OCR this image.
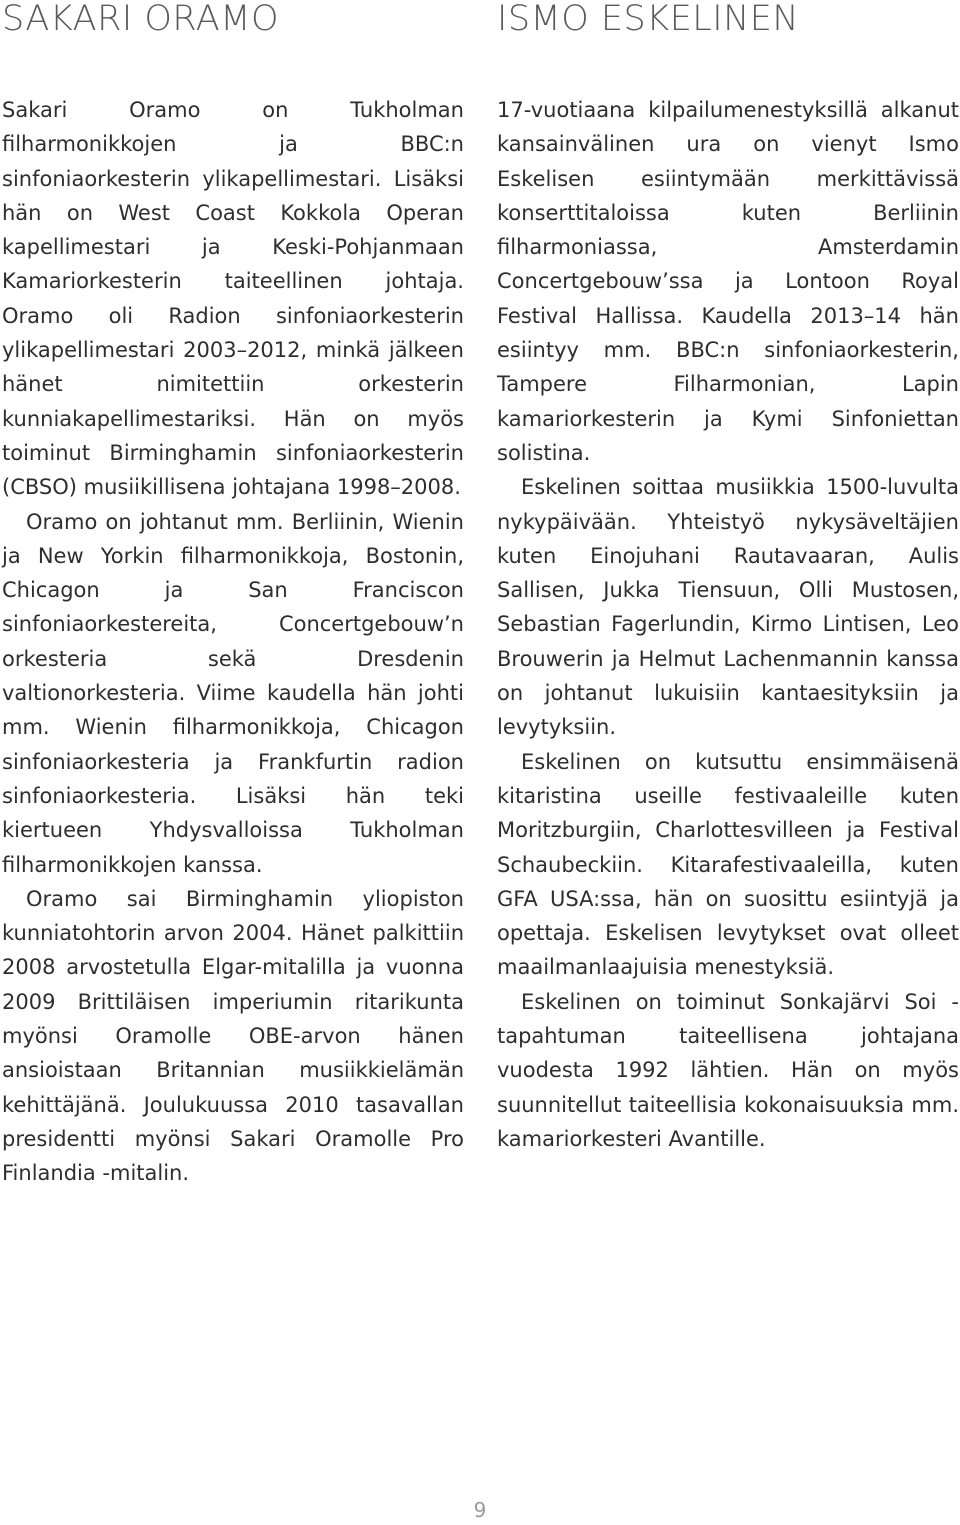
SAKARI ORAMO

Sakari Oramo on Tukholman filharmonikkojen ja BBC:n sinfoniaorkesterin ylikapellimestari. Lisäksi hän on West Coast Kokkola Operan kapellimestari ja Keski-Pohjanmaan Kamariorkesterin taiteellinen johtaja. Oramo oli Radion sinfoniaorkesterin ylikapellimestari 2003–2012, minkä jälkeen hänet nimitettiin orkesterin kunniakapellimestariksi. Hän on myös toiminut Birminghamin sinfoniaorkesterin (CBSO) musiikillisena johtajana 1998–2008.

Oramo on johtanut mm. Berliinin, Wienin ja New Yorkin filharmonikkoja, Bostonin, Chicagon ja San Franciscon sinfoniaorkestereita, Concertgebouw’n orkesteria sekä Dresdenin valtionorkesteria. Viime kaudella hän johti mm. Wienin filharmonikkoja, Chicagon sinfoniaorkesteria ja Frankfurtin radion sinfoniaorkesteria. Lisäksi hän teki kiertueen Yhdysvalloissa Tukholman filharmonikkojen kanssa.

Oramo sai Birminghamin yliopiston kunniatohtorin arvon 2004. Hänet palkittiin 2008 arvostetulla Elgar-mitalilla ja vuonna 2009 Brittiläisen imperiumin ritarikunta myönsi Oramolle OBE-arvon hänen ansioistaan Britannian musiikkielämän kehittäjänä. Joulukuussa 2010 tasavallan presidentti myönsi Sakari Oramolle Pro Finlandia -mitalin.

ISMO ESKELINEN

17-vuotiaana kilpailumenestyksillä alkanut kansainvälinen ura on vienyt Ismo Eskelisen esiintymään merkittävissä konserttitaloissa kuten Berliinin filharmoniassa, Amsterdamin Concertgebouw’ssa ja Lontoon Royal Festival Hallissa. Kaudella 2013–14 hän esiintyy mm. BBC:n sinfoniaorkesterin, Tampere Filharmonian, Lapin kamariorkesterin ja Kymi Sinfoniettan solistina.

Eskelinen soittaa musiikkia 1500-luvulta nykypäivään. Yhteistyö nykysäveltäjien kuten Einojuhani Rautavaaran, Aulis Sallisen, Jukka Tiensuun, Olli Mustosen, Sebastian Fagerlundin, Kirmo Lintisen, Leo Brouwerin ja Helmut Lachenmannin kanssa on johtanut lukuisiin kantaesityksiin ja levytyksiin.

Eskelinen on kutsuttu ensimmäisenä kitaristina useille festivaaleille kuten Moritzburgiin, Charlottesvilleen ja Festival Schaubeckiin. Kitarafestivaaleilla, kuten GFA USA:ssa, hän on suosittu esiintyjä ja opettaja. Eskelisen levytykset ovat olleet maailmanlaajuisia menestyksiä.

Eskelinen on toiminut Sonkajärvi Soi -tapahtuman taiteellisena johtajana vuodesta 1992 lähtien. Hän on myös suunnitellut taiteellisia kokonaisuuksia mm. kamariorkesteri Avantille.

9
